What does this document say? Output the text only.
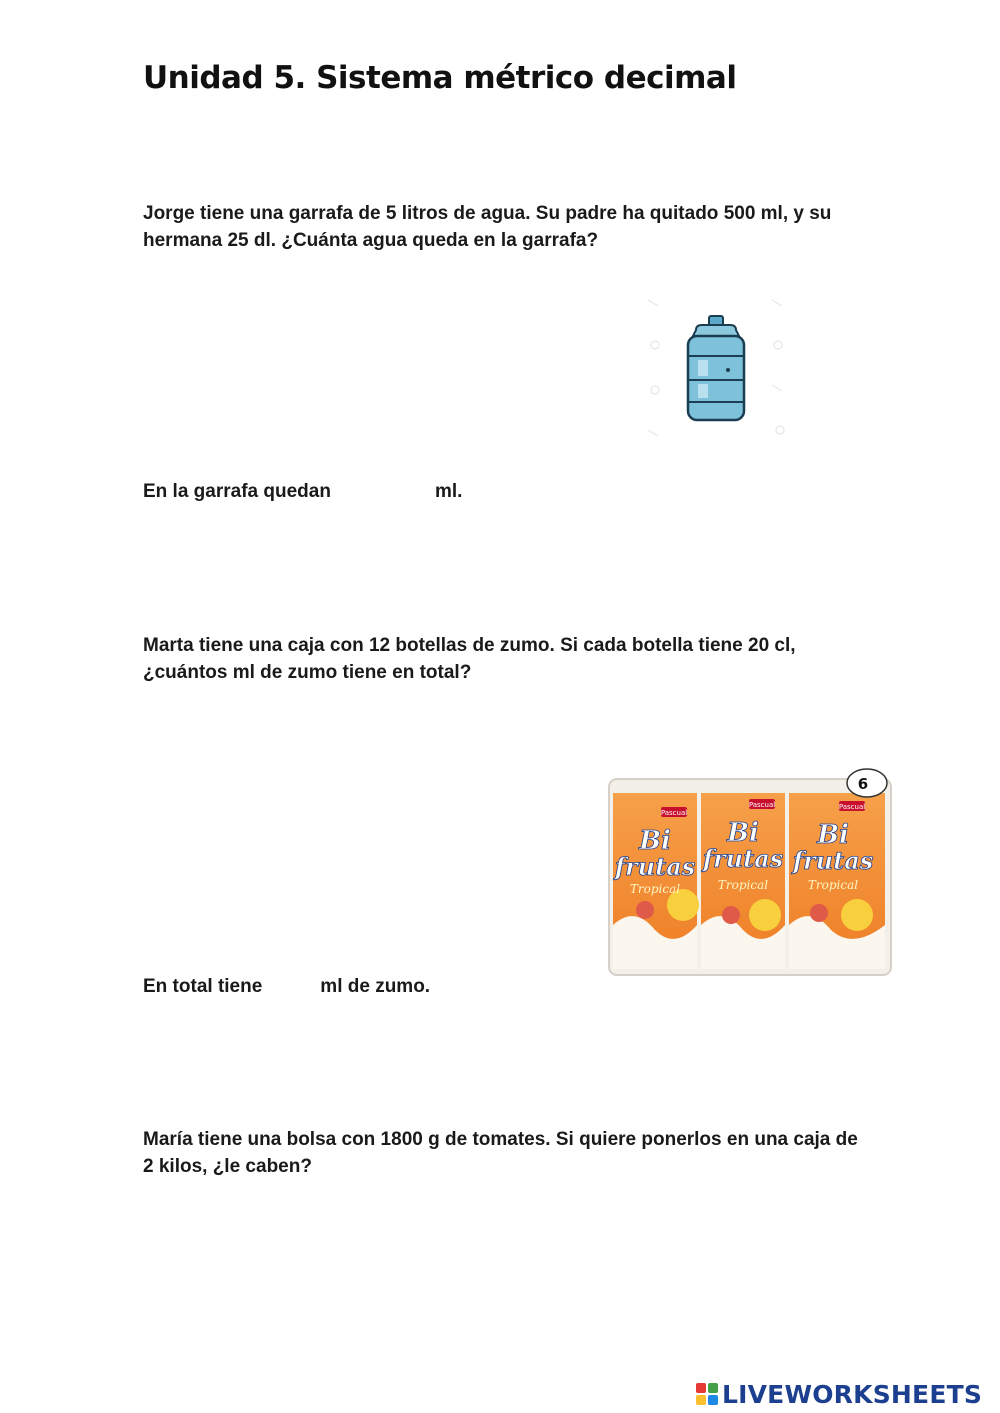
Unidad 5. Sistema métrico decimal

Jorge tiene una garrafa de 5 litros de agua. Su padre ha quitado 500 ml, y su hermana 25 dl. ¿Cuánta agua queda en la garrafa?

En la garrafa quedan	ml.

Marta tiene una caja con 12 botellas de zumo. Si cada botella tiene 20 cl, ¿cuántos ml de zumo tiene en total?

Bi
frutas
Bi
frutas
Bi
frutas
Pascual
Pascual	Pascual
Tropical	Tropical	Tropical
6

En total tiene	ml de zumo.

María tiene una bolsa con 1800 g de tomates. Si quiere ponerlos en una caja de 2 kilos, ¿le caben?

LIVEWORKSHEETS
